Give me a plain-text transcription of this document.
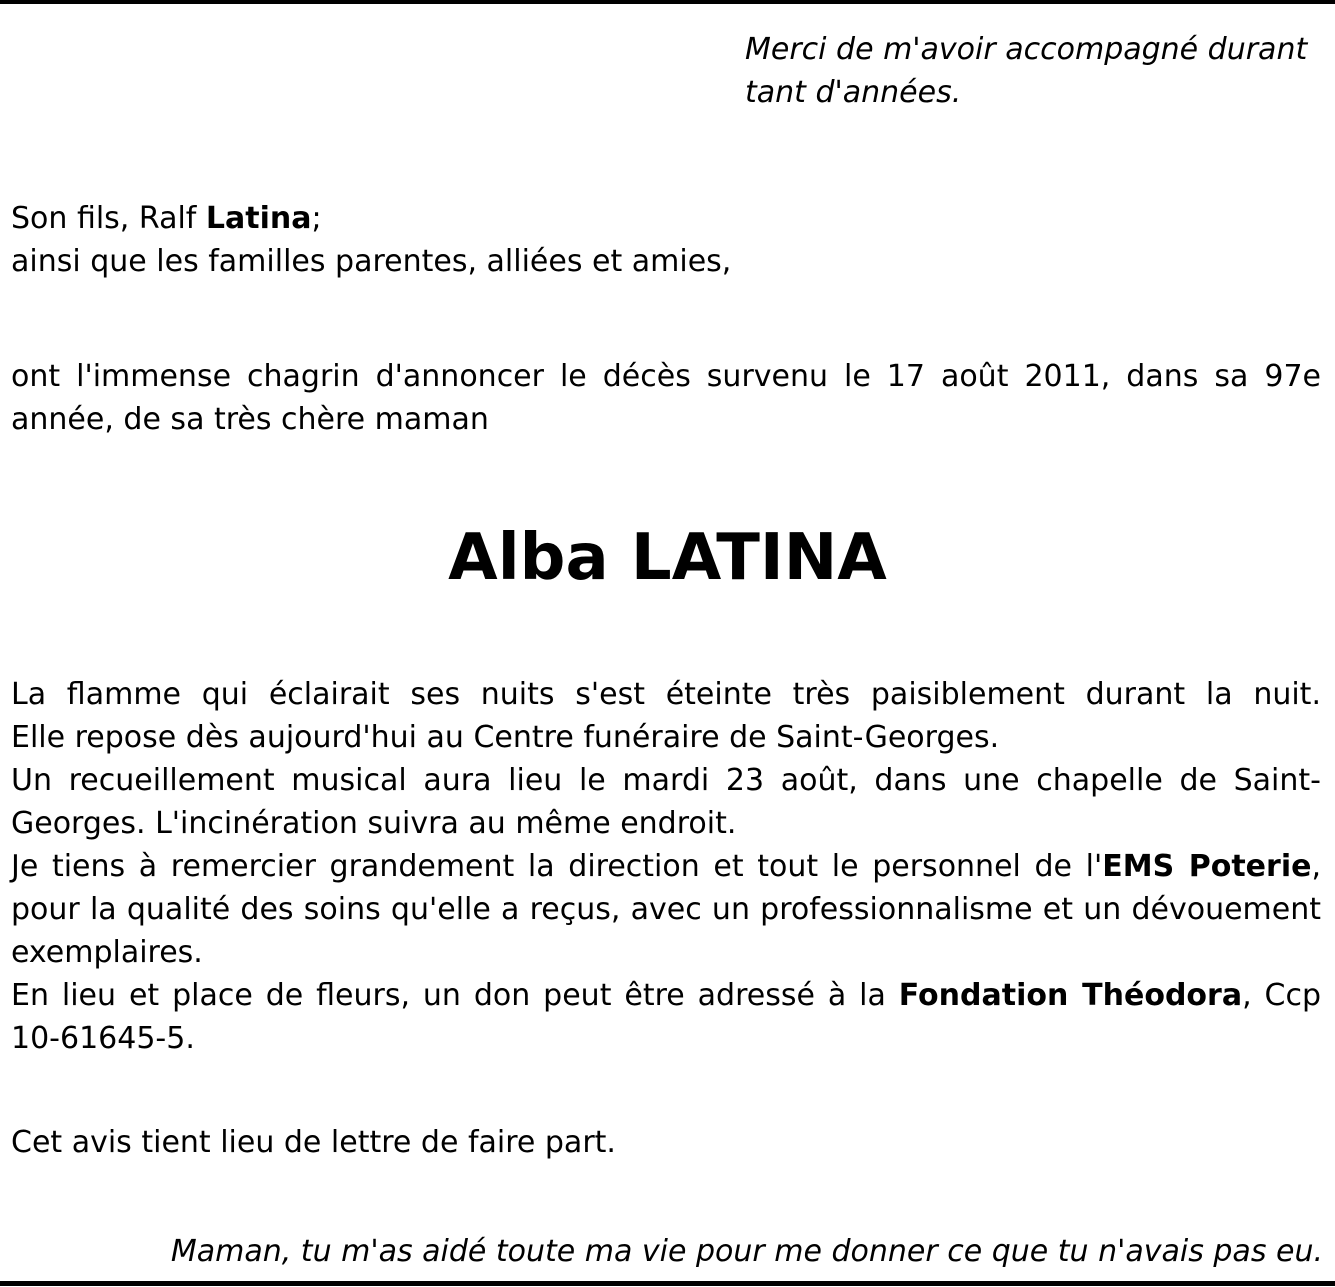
Merci de m'avoir accompagné durant
tant d'années.

Son fils, Ralf Latina;
ainsi que les familles parentes, alliées et amies,

ont l'immense chagrin d'annoncer le décès survenu le 17 août 2011, dans sa 97e année, de sa très chère maman

Alba LATINA
La flamme qui éclairait ses nuits s'est éteinte très paisiblement durant la nuit.
Elle repose dès aujourd'hui au Centre funéraire de Saint-Georges.
Un recueillement musical aura lieu le mardi 23 août, dans une chapelle de Saint-Georges. L'incinération suivra au même endroit.
Je tiens à remercier grandement la direction et tout le personnel de l'EMS Poterie, pour la qualité des soins qu'elle a reçus, avec un professionnalisme et un dévouement exemplaires.
En lieu et place de fleurs, un don peut être adressé à la Fondation Théodora, Ccp 10-61645-5.

Cet avis tient lieu de lettre de faire part.

Maman, tu m'as aidé toute ma vie pour me donner ce que tu n'avais pas eu.
